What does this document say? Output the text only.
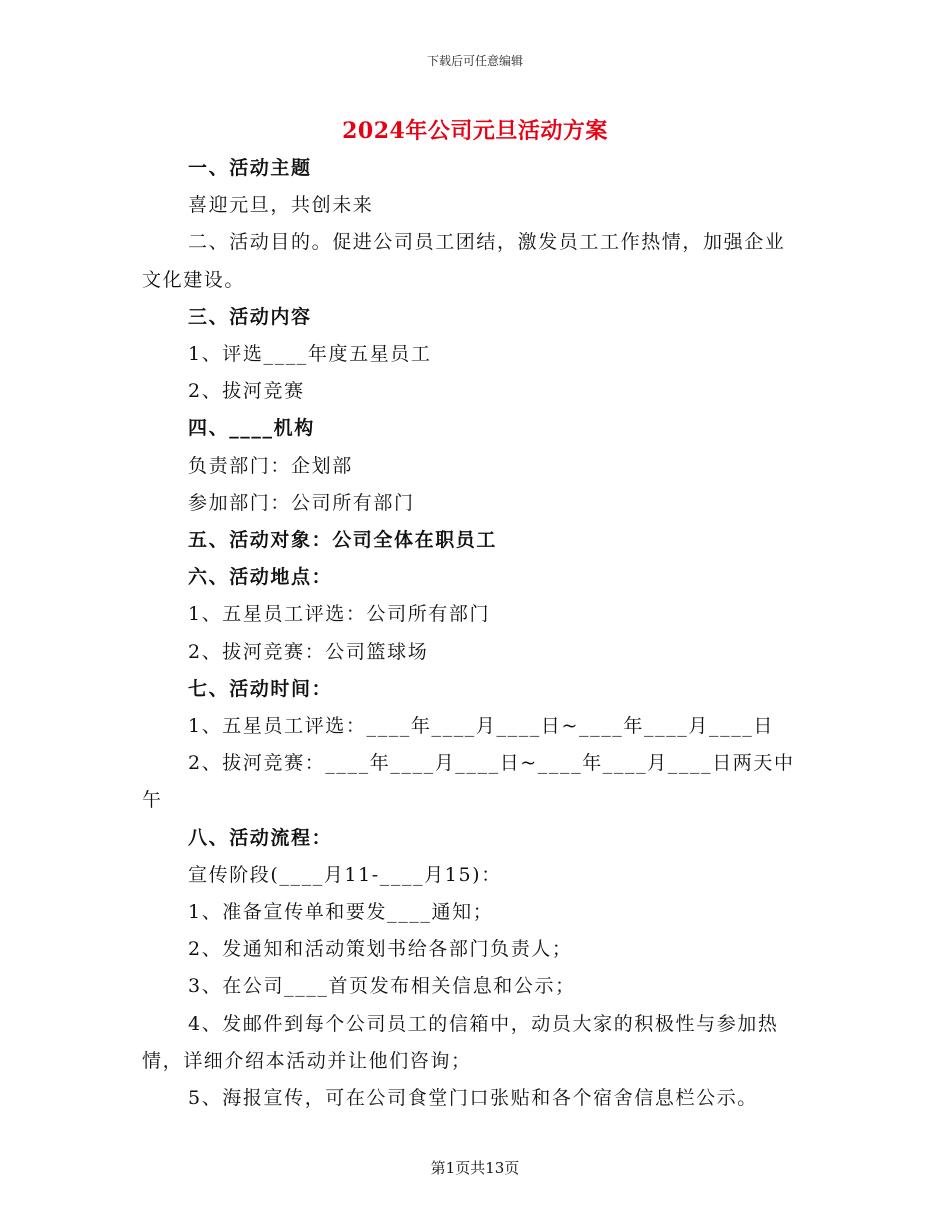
下载后可任意编辑
2024年公司元旦活动方案

一、活动主题

喜迎元旦，共创未来

二、活动目的。促进公司员工团结，激发员工工作热情，加强企业文化建设。

三、活动内容

1、评选____年度五星员工

2、拔河竞赛

四、____机构

负责部门：企划部

参加部门：公司所有部门

五、活动对象：公司全体在职员工

六、活动地点：

1、五星员工评选：公司所有部门

2、拔河竞赛：公司篮球场

七、活动时间：

1、五星员工评选：____年____月____日~____年____月____日

2、拔河竞赛：____年____月____日~____年____月____日两天中午

八、活动流程：

宣传阶段(____月11-____月15)：

1、准备宣传单和要发____通知；

2、发通知和活动策划书给各部门负责人；

3、在公司____首页发布相关信息和公示；

4、发邮件到每个公司员工的信箱中，动员大家的积极性与参加热情，详细介绍本活动并让他们咨询；

5、海报宣传，可在公司食堂门口张贴和各个宿舍信息栏公示。

第1页共13页
